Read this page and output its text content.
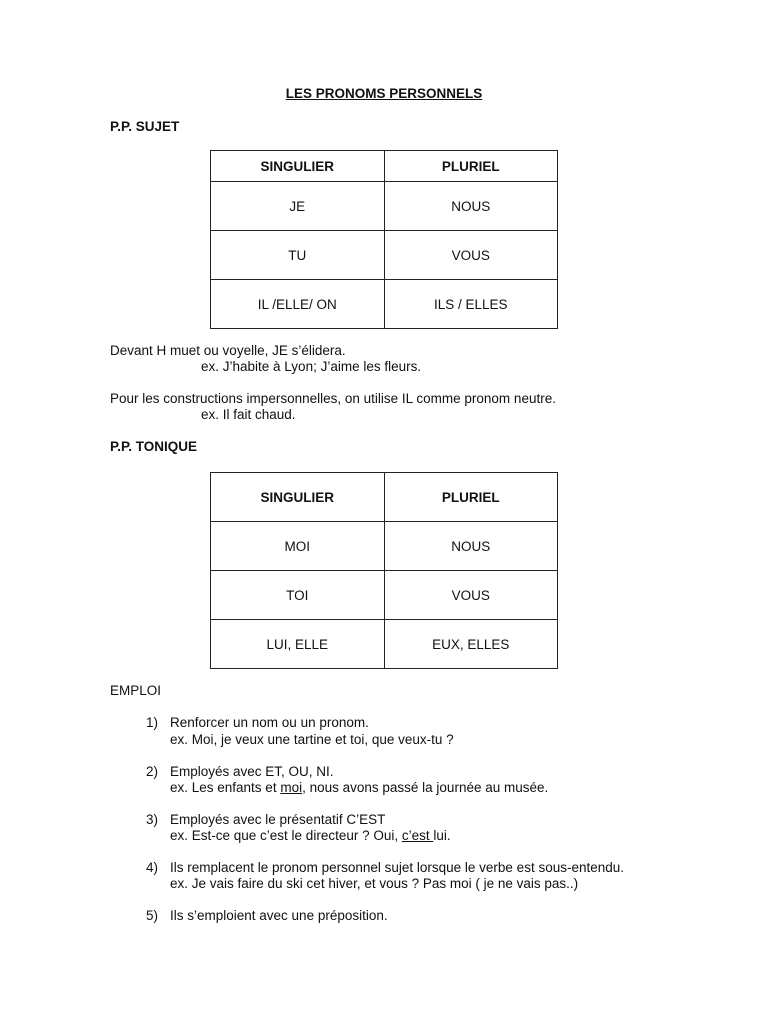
LES PRONOMS PERSONNELS
P.P. SUJET
SINGULIER	PLURIEL
JE	NOUS
TU	VOUS
IL /ELLE/ ON	ILS / ELLES
Devant H muet ou voyelle, JE s’élidera.
ex. J’habite à Lyon; J’aime les fleurs.
Pour les constructions impersonnelles, on utilise IL comme pronom neutre.
ex. Il fait chaud.
P.P. TONIQUE
SINGULIER	PLURIEL
MOI	NOUS
TOI	VOUS
LUI, ELLE	EUX, ELLES
EMPLOI
1) Renforcer un nom ou un pronom.
ex. Moi, je veux une tartine et toi, que veux-tu ?
2) Employés avec ET, OU, NI.
ex. Les enfants et moi, nous avons passé la journée au musée.
3) Employés avec le présentatif C’EST
ex. Est-ce que c’est le directeur ? Oui, c’est lui.
4) Ils remplacent le pronom personnel sujet lorsque le verbe est sous-entendu.
ex. Je vais faire du ski cet hiver, et vous ? Pas moi ( je ne vais pas..)
5) Ils s’emploient avec une préposition.
